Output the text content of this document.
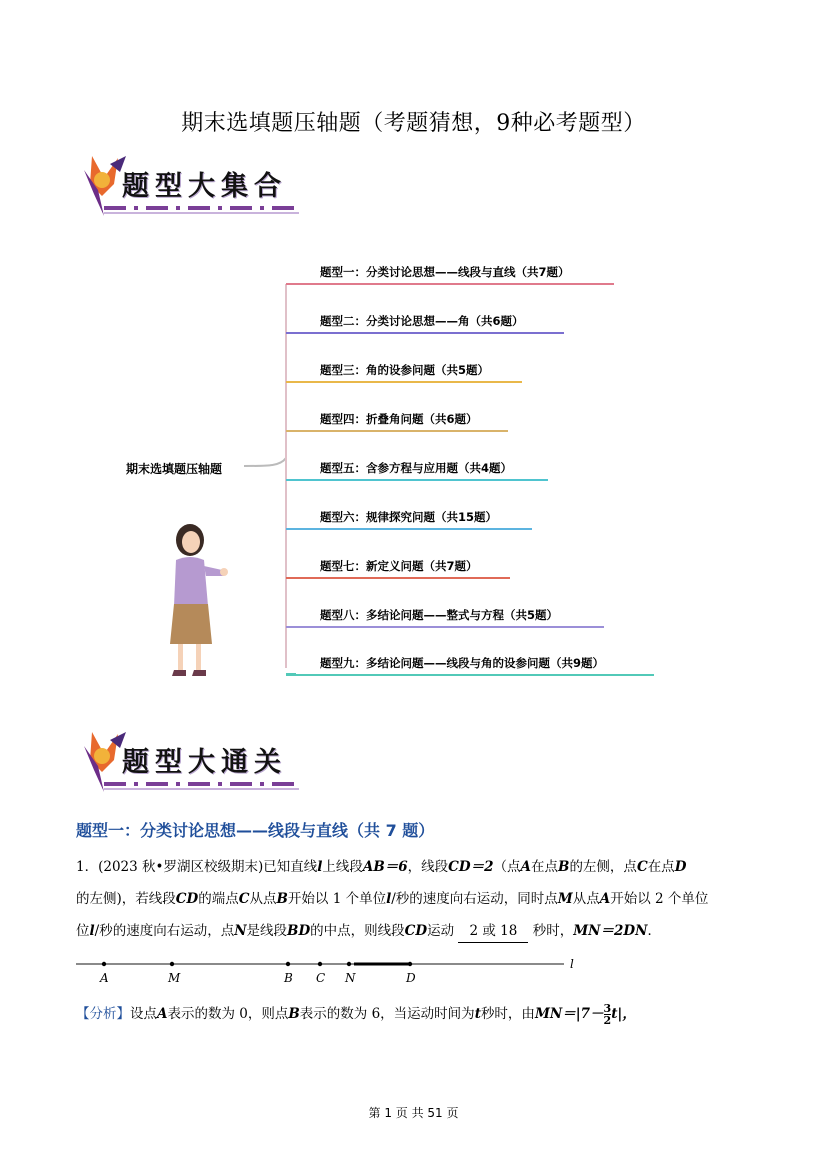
期末选填题压轴题（考题猜想，9种必考题型）
题型大集合
期末选填题压轴题
题型一：分类讨论思想——线段与直线（共7题）
题型二：分类讨论思想——角（共6题）
题型三：角的设参问题（共5题）
题型四：折叠角问题（共6题）
题型五：含参方程与应用题（共4题）
题型六：规律探究问题（共15题）
题型七：新定义问题（共7题）
题型八：多结论问题——整式与方程（共5题）
题型九：多结论问题——线段与角的设参问题（共9题）
题型大通关
题型一：分类讨论思想——线段与直线（共 7 题）
1．(2023 秋•罗湖区校级期末)已知直线l上线段AB＝6，线段CD＝2（点A在点B的左侧，点C在点D
的左侧)，若线段CD的端点C从点B开始以 1 个单位l/秒的速度向右运动，同时点M从点A开始以 2 个单位
位l/秒的速度向右运动，点N是线段BD的中点，则线段CD运动 2 或 18 秒时，MN＝2DN．
A	M	B C N	D
l
【分析】设点A表示的数为 0，则点B表示的数为 6，当运动时间为t秒时，由$MN=|7- \frac{3}{2} t|$，
第 1 页 共 51 页
